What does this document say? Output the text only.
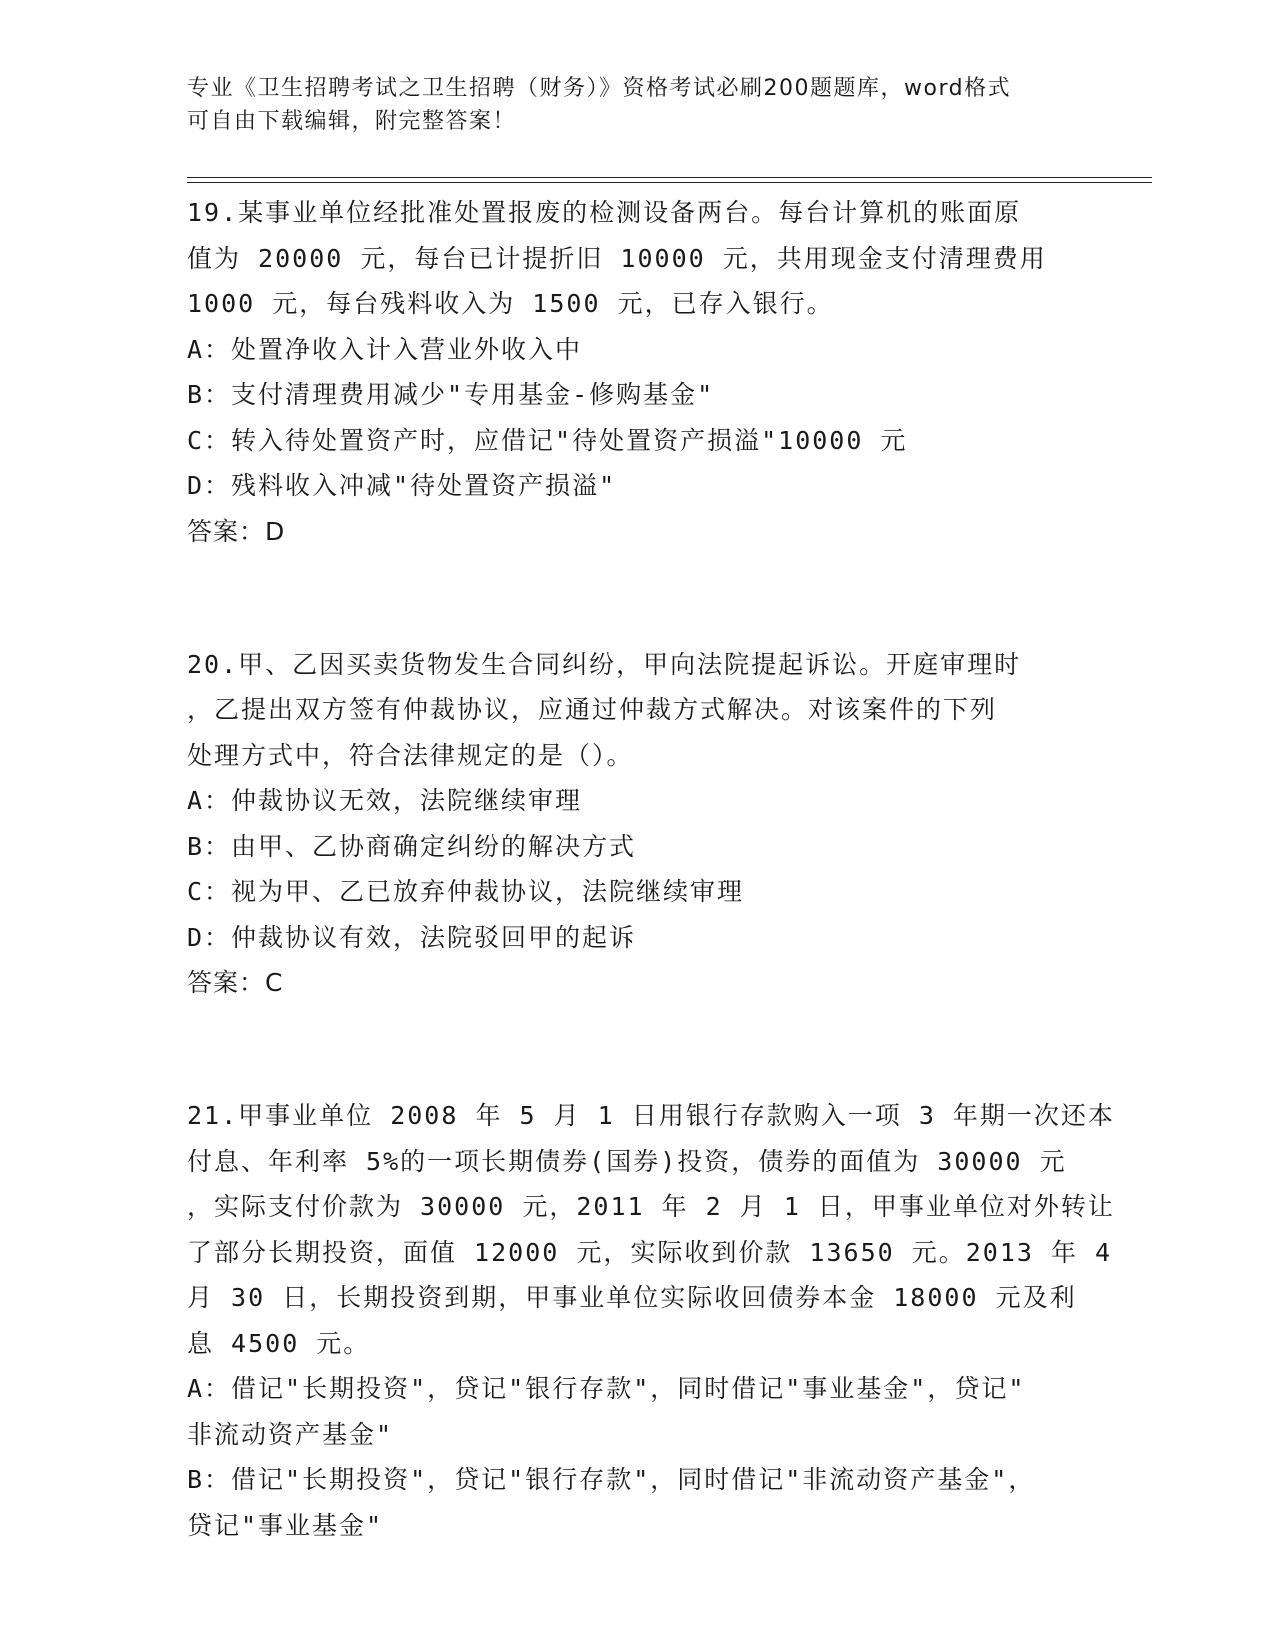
专业《卫生招聘考试之卫生招聘（财务）》资格考试必刷200题题库，word格式
可自由下载编辑，附完整答案！
19.某事业单位经批准处置报废的检测设备两台。每台计算机的账面原
值为 20000 元，每台已计提折旧 10000 元，共用现金支付清理费用
1000 元，每台残料收入为 1500 元，已存入银行。
A：处置净收入计入营业外收入中
B：支付清理费用减少"专用基金-修购基金"
C：转入待处置资产时，应借记"待处置资产损溢"10000 元
D：残料收入冲减"待处置资产损溢"
答案：D
20.甲、乙因买卖货物发生合同纠纷，甲向法院提起诉讼。开庭审理时
，乙提出双方签有仲裁协议，应通过仲裁方式解决。对该案件的下列
处理方式中，符合法律规定的是（）。
A：仲裁协议无效，法院继续审理
B：由甲、乙协商确定纠纷的解决方式
C：视为甲、乙已放弃仲裁协议，法院继续审理
D：仲裁协议有效，法院驳回甲的起诉
答案：C
21.甲事业单位 2008 年 5 月 1 日用银行存款购入一项 3 年期一次还本
付息、年利率 5%的一项长期债券(国券)投资，债券的面值为 30000 元
，实际支付价款为 30000 元，2011 年 2 月 1 日，甲事业单位对外转让
了部分长期投资，面值 12000 元，实际收到价款 13650 元。2013 年 4
月 30 日，长期投资到期，甲事业单位实际收回债券本金 18000 元及利
息 4500 元。
A：借记"长期投资"，贷记"银行存款"，同时借记"事业基金"，贷记"
非流动资产基金"
B：借记"长期投资"，贷记"银行存款"，同时借记"非流动资产基金"，
贷记"事业基金"
